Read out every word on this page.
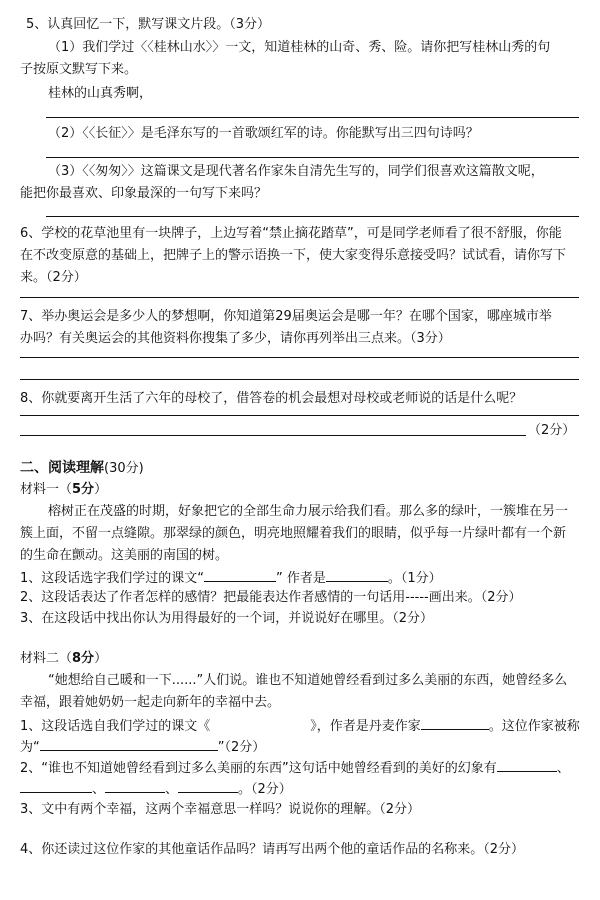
5、认真回忆一下，默写课文片段。（3分）
（1）我们学过〈〈桂林山水〉〉一文，知道桂林的山奇、秀、险。请你把写桂林山秀的句
子按原文默写下来。
桂林的山真秀啊，
（2）〈〈长征〉〉是毛泽东写的一首歌颂红军的诗。你能默写出三四句诗吗？
（3）〈〈匆匆〉〉这篇课文是现代著名作家朱自清先生写的，同学们很喜欢这篇散文呢，
能把你最喜欢、印象最深的一句写下来吗？
6、学校的花草池里有一块牌子，上边写着“禁止摘花踏草”，可是同学老师看了很不舒服，你能
在不改变原意的基础上，把牌子上的警示语换一下，使大家变得乐意接受吗？试试看，请你写下
来。（2分）
7、举办奥运会是多少人的梦想啊，你知道第29届奥运会是哪一年？在哪个国家，哪座城市举
办吗？有关奥运会的其他资料你搜集了多少，请你再列举出三点来。（3分）
8、你就要离开生活了六年的母校了，借答卷的机会最想对母校或老师说的话是什么呢？
（2分）
二、阅读理解(30分)
材料一（5分）
榕树正在茂盛的时期，好象把它的全部生命力展示给我们看。那么多的绿叶，一簇堆在另一
簇上面，不留一点缝隙。那翠绿的颜色，明亮地照耀着我们的眼睛，似乎每一片绿叶都有一个新
的生命在颤动。这美丽的南国的树。
1、这段话选字我们学过的课文“	” 作者是	。（1分）
2、这段话表达了作者怎样的感情？把最能表达作者感情的一句话用-----画出来。（2分）
3、在这段话中找出你认为用得最好的一个词，并说说好在哪里。（2分）
材料二（8分）
“她想给自己暖和一下......”人们说。谁也不知道她曾经看到过多么美丽的东西，她曾经多么
幸福，跟着她奶奶一起走向新年的幸福中去。
1、这段话选自我们学过的课文《	》，作者是丹麦作家	。这位作家被称
为“	”（2分）
2、“谁也不知道她曾经看到过多么美丽的东西”这句话中她曾经看到的美好的幻象有	、
、	、	。（2分）
3、文中有两个幸福，这两个幸福意思一样吗？说说你的理解。（2分）
4、你还读过这位作家的其他童话作品吗？请再写出两个他的童话作品的名称来。（2分）
